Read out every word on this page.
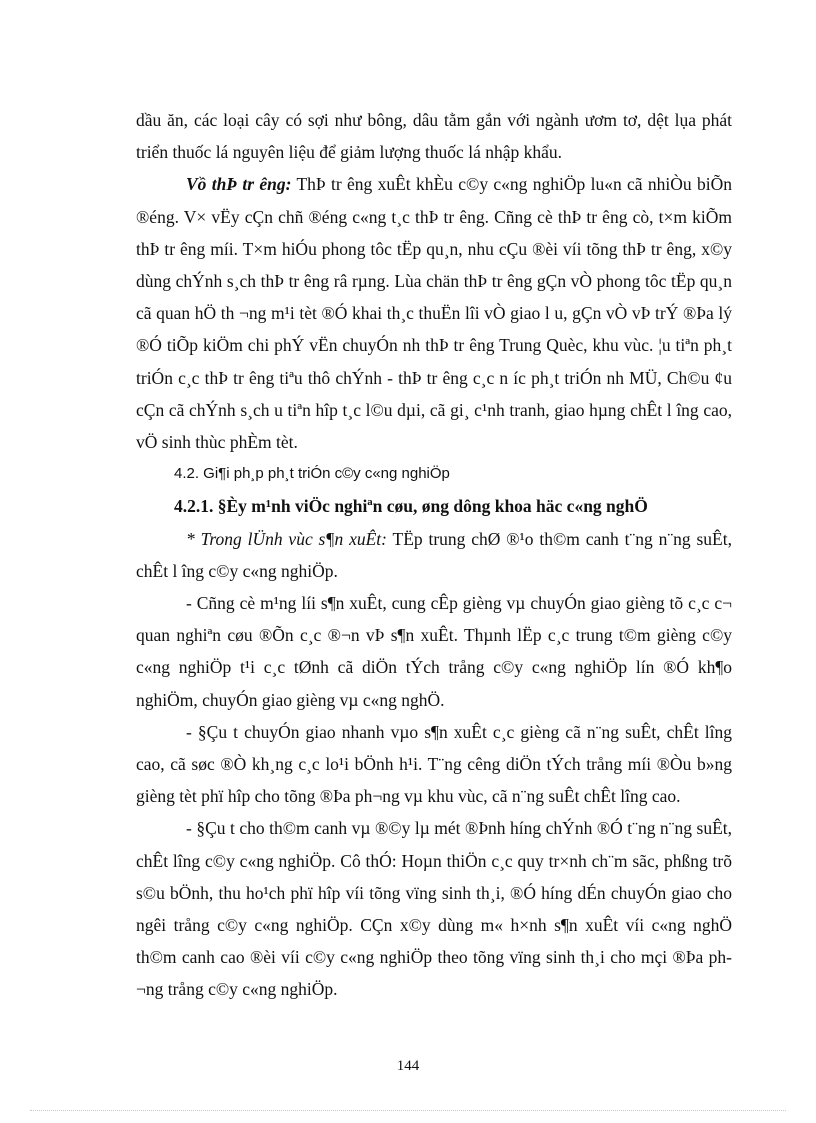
dầu ăn, các loại cây có sợi như bông, dâu tằm gắn với ngành ươm tơ, dệt lụa phát triển thuốc lá nguyên liệu để giảm lượng thuốc lá nhập khẩu.

Vồ thÞ tr êng: ThÞ tr êng xuÊt khÈu c©y c«ng nghiÖp lu«n cã nhiÒu biÕn ®éng. V× vËy cÇn chñ ®éng c«ng t¸c thÞ tr êng. Cñng cè thÞ tr êng cò, t×m kiÕm thÞ tr êng míi. T×m hiÓu phong tôc tËp qu¸n, nhu cÇu ®èi víi tõng thÞ tr êng, x©y dùng chÝnh s¸ch thÞ tr êng râ rµng. Lùa chän thÞ tr êng gÇn vÒ phong tôc tËp qu¸n cã quan hÖ th ¬ng m¹i tèt ®Ó khai th¸c thuËn lîi vÒ giao l u, gÇn vÒ vÞ trÝ ®Þa lý ®Ó tiÕp kiÖm chi phÝ vËn chuyÓn nh thÞ tr êng Trung Quèc, khu vùc. ¦u tiªn ph¸t triÓn c¸c thÞ tr êng tiªu thô chÝnh - thÞ tr êng c¸c n íc ph¸t triÓn nh MÜ, Ch©u ¢u cÇn cã chÝnh s¸ch u tiªn hîp t¸c l©u dµi, cã gi¸ c¹nh tranh, giao hµng chÊt l îng cao, vÖ sinh thùc phÈm tèt.

4.2. Gi¶i ph¸p ph¸t triÓn c©y c«ng nghiÖp

4.2.1. §Èy m¹nh viÖc nghiªn cøu, øng dông khoa häc c«ng nghÖ

* Trong lÜnh vùc s¶n xuÊt: TËp trung chØ ®¹o th©m canh t¨ng n¨ng suÊt, chÊt l îng c©y c«ng nghiÖp.

- Cñng cè m¹ng líi s¶n xuÊt, cung cÊp gièng vµ chuyÓn giao gièng tõ c¸c c¬ quan nghiªn cøu ®Õn c¸c ®¬n vÞ s¶n xuÊt. Thµnh lËp c¸c trung t©m gièng c©y c«ng nghiÖp t¹i c¸c tØnh cã diÖn tÝch trång c©y c«ng nghiÖp lín ®Ó kh¶o nghiÖm, chuyÓn giao gièng vµ c«ng nghÖ.

- §Çu t chuyÓn giao nhanh vµo s¶n xuÊt c¸c gièng cã n¨ng suÊt, chÊt lîng cao, cã søc ®Ò kh¸ng c¸c lo¹i bÖnh h¹i. T¨ng cêng diÖn tÝch trång míi ®Òu b»ng gièng tèt phï hîp cho tõng ®Þa ph¬ng vµ khu vùc, cã n¨ng suÊt chÊt lîng cao.

- §Çu t cho th©m canh vµ ®©y lµ mét ®Þnh híng chÝnh ®Ó t¨ng n¨ng suÊt, chÊt lîng c©y c«ng nghiÖp. Cô thÓ: Hoµn thiÖn c¸c quy tr×nh ch¨m sãc, phßng trõ s©u bÖnh, thu ho¹ch phï hîp víi tõng vïng sinh th¸i, ®Ó híng dÉn chuyÓn giao cho ngêi trång c©y c«ng nghiÖp. CÇn x©y dùng m« h×nh s¶n xuÊt víi c«ng nghÖ th©m canh cao ®èi víi c©y c«ng nghiÖp theo tõng vïng sinh th¸i cho mçi ®Þa ph¬ng trång c©y c«ng nghiÖp.

144
